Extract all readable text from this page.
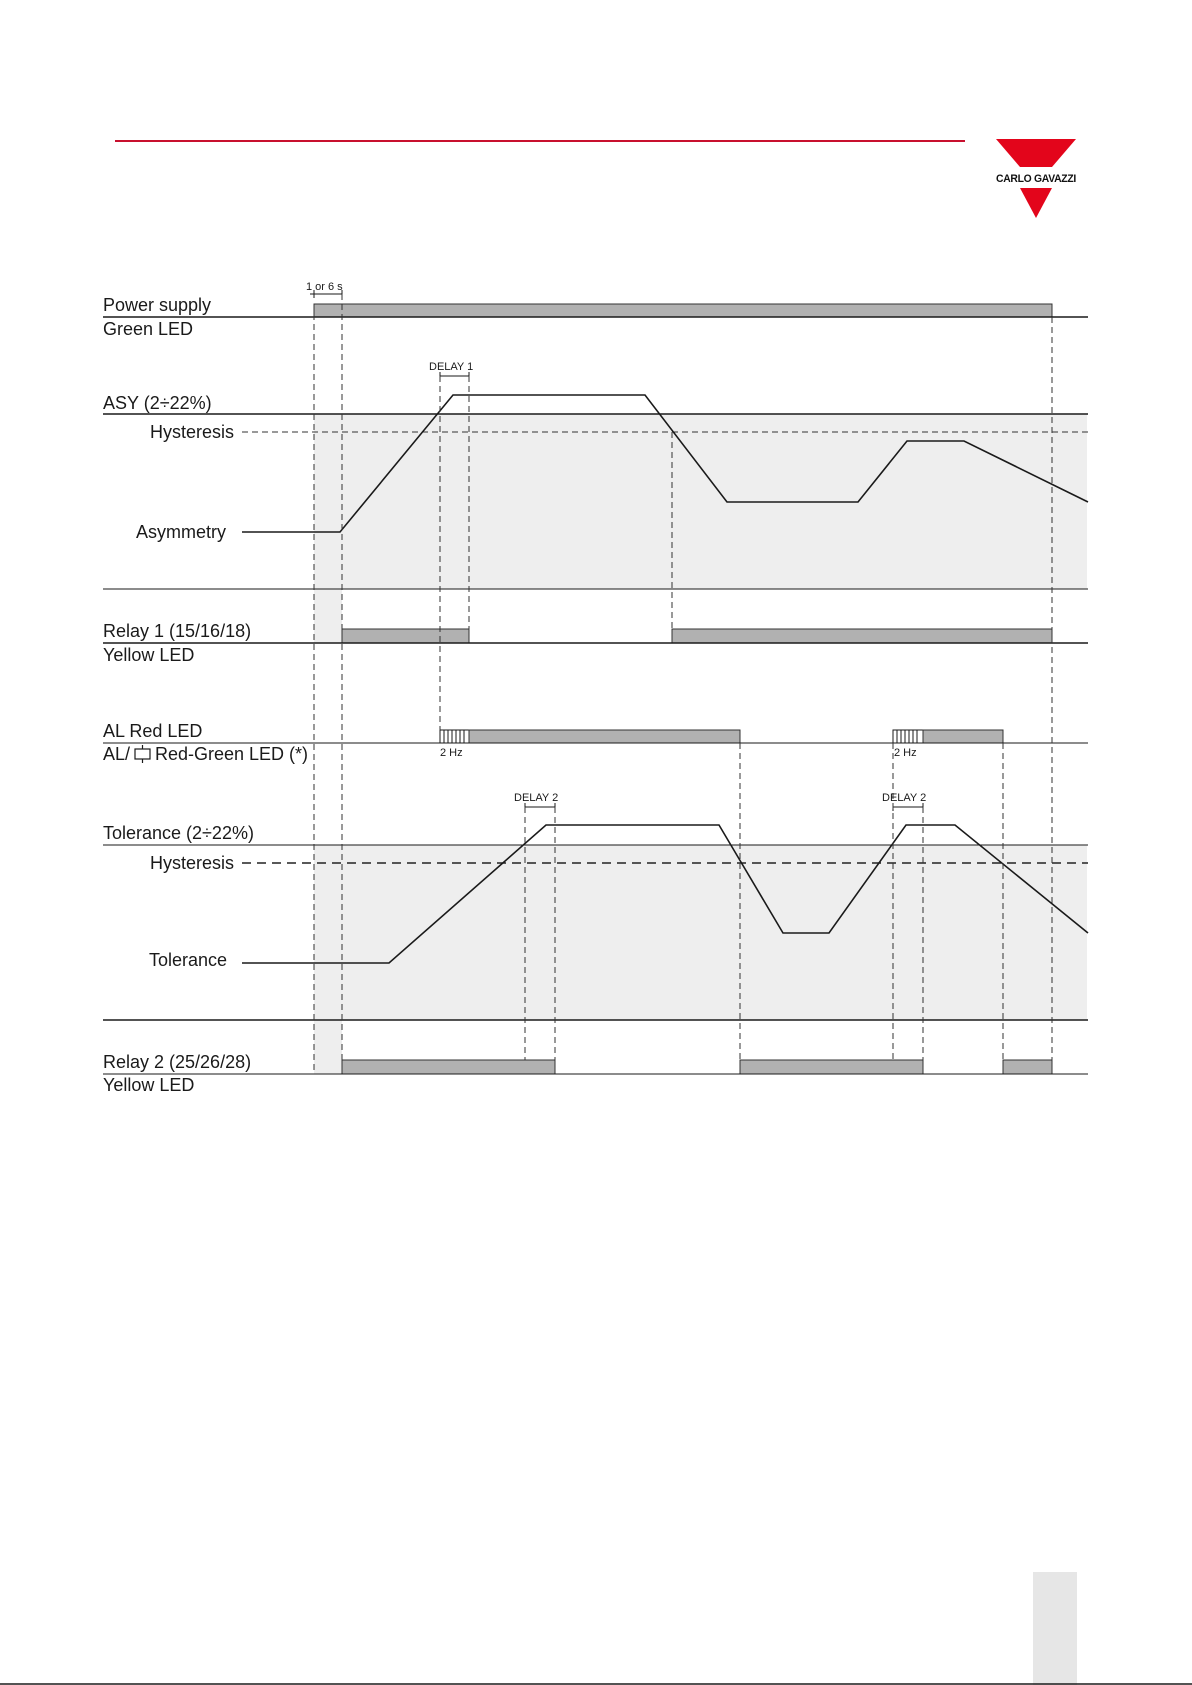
CARLO GAVAZZI
Power supply
Green LED
1 or 6 s
DELAY 1
ASY (2÷22%)
Hysteresis
Asymmetry
Relay 1 (15/16/18)
Yellow LED
AL Red LED
AL/ Red-Green LED (*)	2 Hz	2 Hz
DELAY 2	DELAY 2
Tolerance (2÷22%)
Hysteresis
Tolerance
Relay 2 (25/26/28)
Yellow LED
